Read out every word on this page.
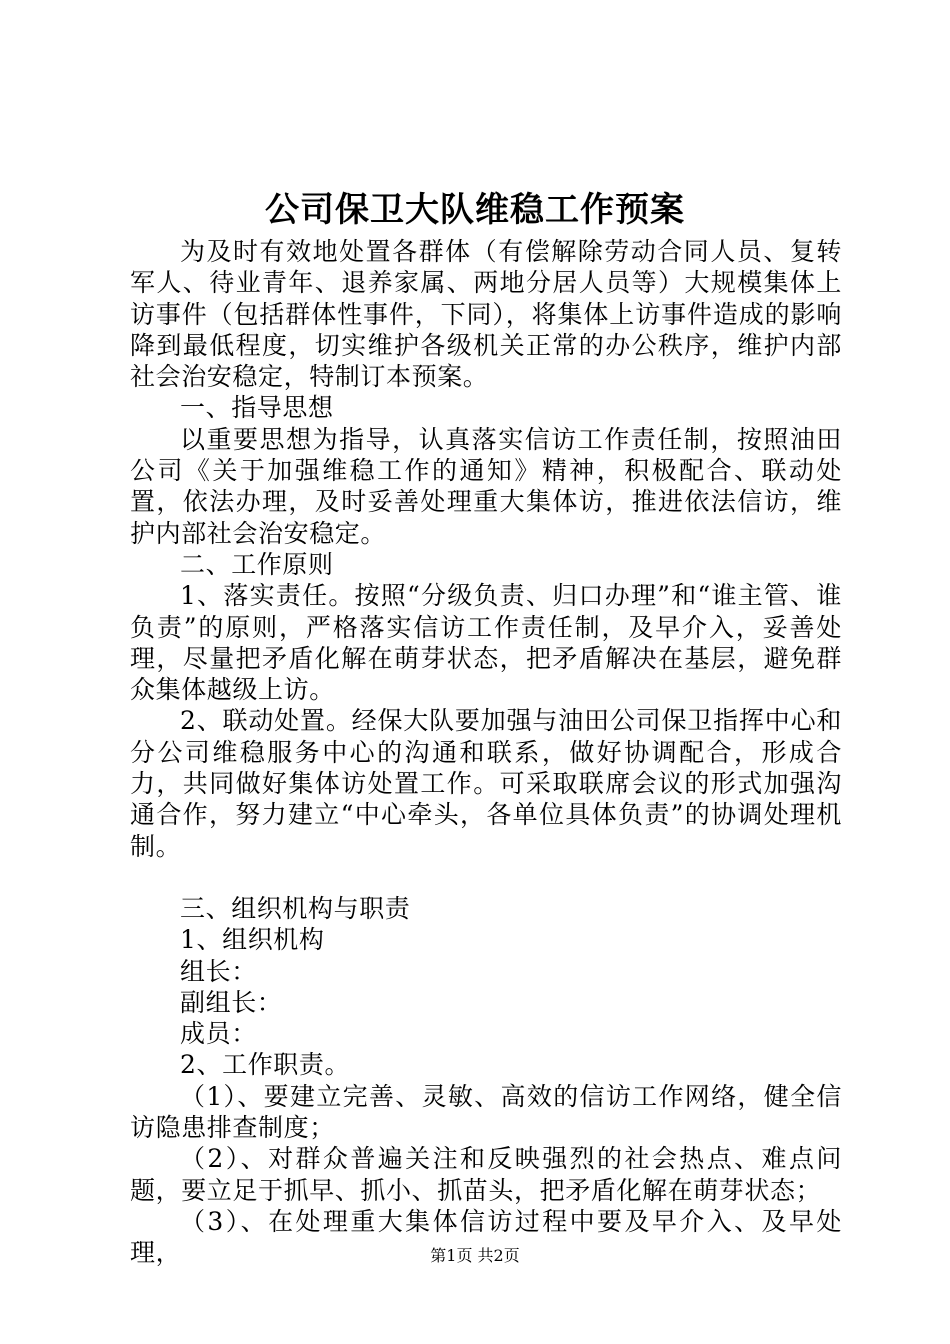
公司保卫大队维稳工作预案

为及时有效地处置各群体（有偿解除劳动合同人员、复转军人、待业青年、退养家属、两地分居人员等）大规模集体上访事件（包括群体性事件，下同），将集体上访事件造成的影响降到最低程度，切实维护各级机关正常的办公秩序，维护内部社会治安稳定，特制订本预案。

一、指导思想

以重要思想为指导，认真落实信访工作责任制，按照油田公司《关于加强维稳工作的通知》精神，积极配合、联动处置，依法办理，及时妥善处理重大集体访，推进依法信访，维护内部社会治安稳定。

二、工作原则

1、落实责任。按照“分级负责、归口办理”和“谁主管、谁负责”的原则，严格落实信访工作责任制，及早介入，妥善处理，尽量把矛盾化解在萌芽状态，把矛盾解决在基层，避免群众集体越级上访。

2、联动处置。经保大队要加强与油田公司保卫指挥中心和分公司维稳服务中心的沟通和联系，做好协调配合，形成合力，共同做好集体访处置工作。可采取联席会议的形式加强沟通合作，努力建立“中心牵头，各单位具体负责”的协调处理机制。

三、组织机构与职责

1、组织机构

组长：

副组长：

成员：

2、工作职责。

（1）、要建立完善、灵敏、高效的信访工作网络，健全信访隐患排查制度；

（2）、对群众普遍关注和反映强烈的社会热点、难点问题，要立足于抓早、抓小、抓苗头，把矛盾化解在萌芽状态；

（3）、在处理重大集体信访过程中要及早介入、及早处理，	第1页 共2页
